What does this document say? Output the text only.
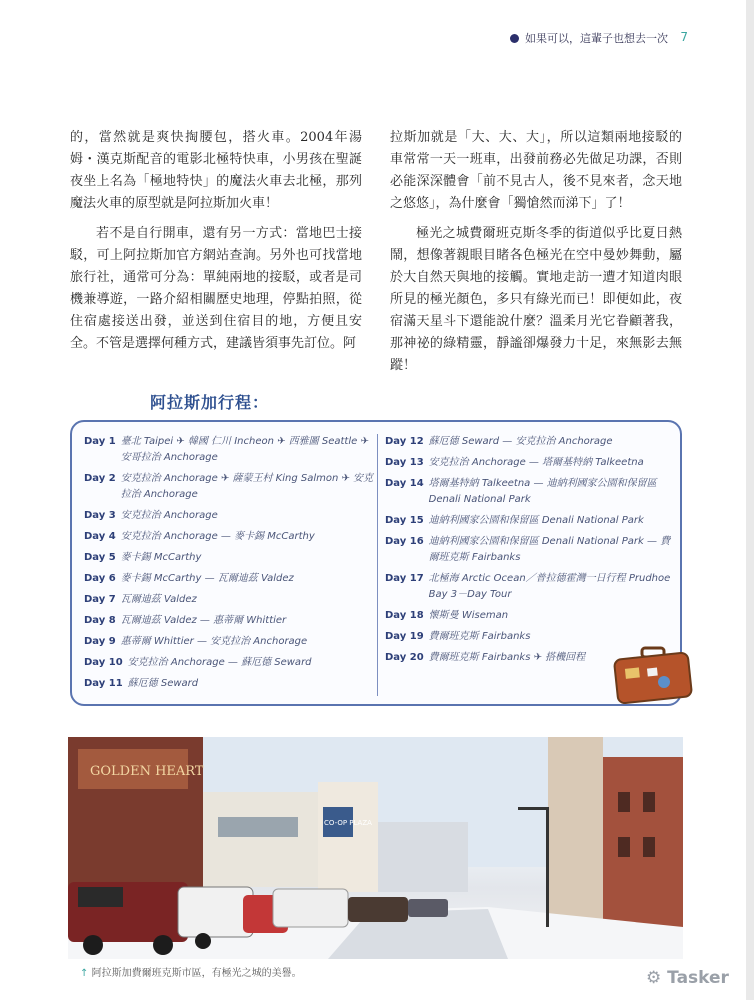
如果可以，這輩子也想去一次 7

的，當然就是爽快掏腰包，搭火車。2004年湯姆・漢克斯配音的電影北極特快車，小男孩在聖誕夜坐上名為「極地特快」的魔法火車去北極，那列魔法火車的原型就是阿拉斯加火車！

若不是自行開車，還有另一方式：當地巴士接駁，可上阿拉斯加官方網站查詢。另外也可找當地旅行社，通常可分為：單純兩地的接駁，或者是司機兼導遊，一路介紹相關歷史地理，停點拍照，從住宿處接送出發，並送到住宿目的地，方便且安全。不管是選擇何種方式，建議皆須事先訂位。阿

拉斯加就是「大、大、大」，所以這類兩地接駁的車常常一天一班車，出發前務必先做足功課，否則必能深深體會「前不見古人，後不見來者，念天地之悠悠」，為什麼會「獨愴然而涕下」了！

極光之城費爾班克斯冬季的街道似乎比夏日熱鬧，想像著親眼目睹各色極光在空中曼妙舞動，屬於大自然天與地的接觸。實地走訪一遭才知道肉眼所見的極光顏色，多只有綠光而已！即便如此，夜宿滿天星斗下還能說什麼？溫柔月光它眷顧著我，那神祕的綠精靈，靜謐卻爆發力十足，來無影去無蹤！

阿拉斯加行程：
Day 1 臺北 Taipei ✈ 韓國 仁川 Incheon ✈ 西雅圖 Seattle ✈ 安哥拉治 Anchorage
Day 2 安克拉治 Anchorage ✈ 薩蒙王村 King Salmon ✈ 安克拉治 Anchorage
Day 3 安克拉治 Anchorage
Day 4 安克拉治 Anchorage — 麥卡錫 McCarthy
Day 5 麥卡錫 McCarthy
Day 6 麥卡錫 McCarthy — 瓦爾迪茲 Valdez
Day 7 瓦爾迪茲 Valdez
Day 8 瓦爾迪茲 Valdez — 惠蒂爾 Whittier
Day 9 惠蒂爾 Whittier — 安克拉治 Anchorage
Day 10 安克拉治 Anchorage — 蘇厄德 Seward
Day 11 蘇厄德 Seward
Day 12 蘇厄德 Seward — 安克拉治 Anchorage
Day 13 安克拉治 Anchorage — 塔爾基特納 Talkeetna
Day 14 塔爾基特納 Talkeetna — 迪納利國家公園和保留區 Denali National Park
Day 15 迪納利國家公園和保留區 Denali National Park
Day 16 迪納利國家公園和保留區 Denali National Park — 費爾班克斯 Fairbanks
Day 17 北極海 Arctic Ocean／普拉德霍灣一日行程 Prudhoe Bay 3－Day Tour
Day 18 懷斯曼 Wiseman
Day 19 費爾班克斯 Fairbanks
Day 20 費爾班克斯 Fairbanks ✈ 搭機回程
GOLDEN HEART
CO-OP PLAZA
↑ 阿拉斯加費爾班克斯市區，有極光之城的美譽。	⚙ Tasker
